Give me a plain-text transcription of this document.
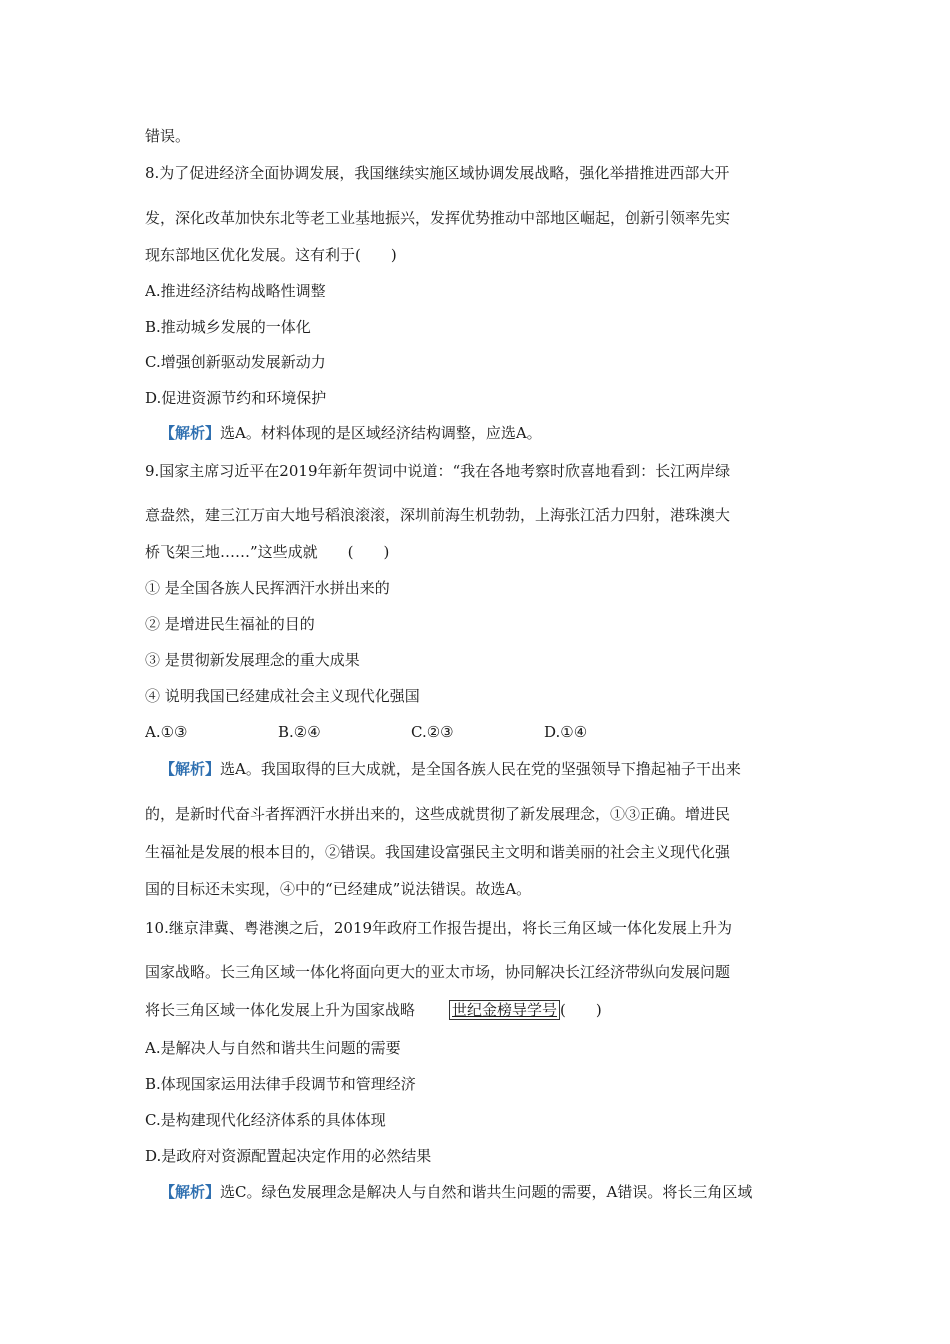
错误。
8.为了促进经济全面协调发展，我国继续实施区域协调发展战略，强化举措推进西部大开
发，深化改革加快东北等老工业基地振兴，发挥优势推动中部地区崛起，创新引领率先实
现东部地区优化发展。这有利于(　　)
A.推进经济结构战略性调整
B.推动城乡发展的一体化
C.增强创新驱动发展新动力
D.促进资源节约和环境保护
【解析】选A。材料体现的是区域经济结构调整，应选A。
9.国家主席习近平在2019年新年贺词中说道：“我在各地考察时欣喜地看到：长江两岸绿
意盎然，建三江万亩大地号稻浪滚滚，深圳前海生机勃勃，上海张江活力四射，港珠澳大
桥飞架三地……”这些成就　　(　　)
① 是全国各族人民挥洒汗水拼出来的
② 是增进民生福祉的目的
③ 是贯彻新发展理念的重大成果
④ 说明我国已经建成社会主义现代化强国
A.①③	B.②④	C.②③	D.①④
【解析】选A。我国取得的巨大成就，是全国各族人民在党的坚强领导下撸起袖子干出来
的，是新时代奋斗者挥洒汗水拼出来的，这些成就贯彻了新发展理念，①③正确。增进民
生福祉是发展的根本目的，②错误。我国建设富强民主文明和谐美丽的社会主义现代化强
国的目标还未实现，④中的“已经建成”说法错误。故选A。
10.继京津冀、粤港澳之后，2019年政府工作报告提出，将长三角区域一体化发展上升为
国家战略。长三角区域一体化将面向更大的亚太市场，协同解决长江经济带纵向发展问题
将长三角区域一体化发展上升为国家战略 世纪金榜导学号 (　　)
A.是解决人与自然和谐共生问题的需要
B.体现国家运用法律手段调节和管理经济
C.是构建现代化经济体系的具体体现
D.是政府对资源配置起决定作用的必然结果
【解析】选C。绿色发展理念是解决人与自然和谐共生问题的需要，A错误。将长三角区域
